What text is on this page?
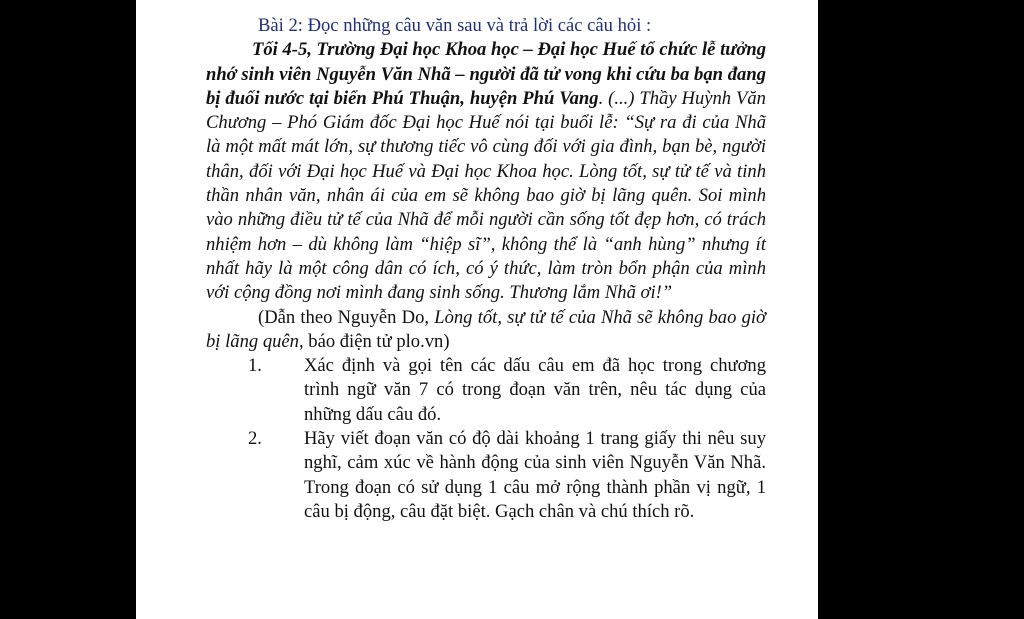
Bài 2: Đọc những câu văn sau và trả lời các câu hỏi :
Tối 4-5, Trường Đại học Khoa học – Đại học Huế tổ chức lễ tưởng nhớ sinh viên Nguyễn Văn Nhã – người đã tử vong khi cứu ba bạn đang bị đuối nước tại biển Phú Thuận, huyện Phú Vang. (...) Thầy Huỳnh Văn Chương – Phó Giám đốc Đại học Huế nói tại buổi lễ: “Sự ra đi của Nhã là một mất mát lớn, sự thương tiếc vô cùng đối với gia đình, bạn bè, người thân, đối với Đại học Huế và Đại học Khoa học. Lòng tốt, sự tử tế và tinh thần nhân văn, nhân ái của em sẽ không bao giờ bị lãng quên. Soi mình vào những điều tử tế của Nhã để mỗi người cần sống tốt đẹp hơn, có trách nhiệm hơn – dù không làm “hiệp sĩ”, không thể là “anh hùng” nhưng ít nhất hãy là một công dân có ích, có ý thức, làm tròn bổn phận của mình với cộng đồng nơi mình đang sinh sống. Thương lắm Nhã ơi!”
(Dẫn theo Nguyễn Do, Lòng tốt, sự tử tế của Nhã sẽ không bao giờ bị lãng quên, báo điện tử plo.vn)
1. Xác định và gọi tên các dấu câu em đã học trong chương trình ngữ văn 7 có trong đoạn văn trên, nêu tác dụng của những dấu câu đó.
2. Hãy viết đoạn văn có độ dài khoảng 1 trang giấy thi nêu suy nghĩ, cảm xúc về hành động của sinh viên Nguyễn Văn Nhã. Trong đoạn có sử dụng 1 câu mở rộng thành phần vị ngữ, 1 câu bị động, câu đặt biệt. Gạch chân và chú thích rõ.
